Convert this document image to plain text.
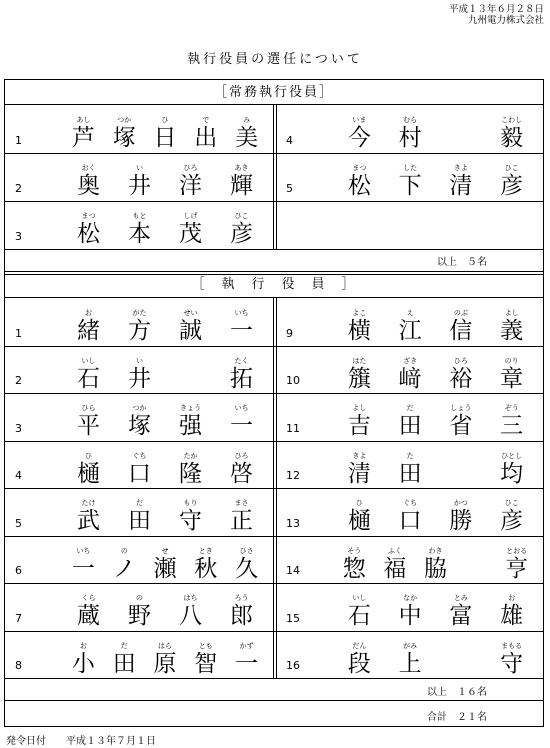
平成１３年６月２８日
九州電力株式会社
執行役員の選任について
［常務執行役員］
1
あし
芦
つか
塚
ひ
日
で
出
み
美
2
おく
奥
い
井
ひろ
洋
あき
輝
3
まつ
松
もと
本
しげ
茂
ひこ
彦
4
いま
今
むら
村
こわし
毅
5
まつ
松
した
下
きよ
清
ひこ
彦
以上　５名
［　執　行　役　員　］
1
お
緒
がた
方
せい
誠
いち
一
2
いし
石
い
井
たく
拓
3
ひら
平
つか
塚
きょう
强
いち
一
4
ひ
樋
ぐち
口
たか
隆
ひろ
啓
5
たけ
武
だ
田
もり
守
まさ
正
6
いち
一
の
ノ
せ
瀬
とき
秋
ひさ
久
7
くら
蔵
の
野
はち
八
ろう
郎
8
お
小
だ
田
はら
原
とも
智
かず
一
9
よこ
横
え
江
のぶ
信
よし
義
10
はた
籏
ざき
﨑
ひろ
裕
のり
章
11
よし
吉
だ
田
しょう
省
ぞう
三
12
きよ
清
た
田
ひとし
均
13
ひ
樋
ぐち
口
かつ
勝
ひこ
彦
14
そう
惣
ふく
福
わき
脇
とおる
亨
15
いし
石
なか
中
とみ
富
お
雄
16
だん
段
がみ
上
まもる
守
以上　１６名
合計　２１名
発令日付　　平成１３年７月１日
